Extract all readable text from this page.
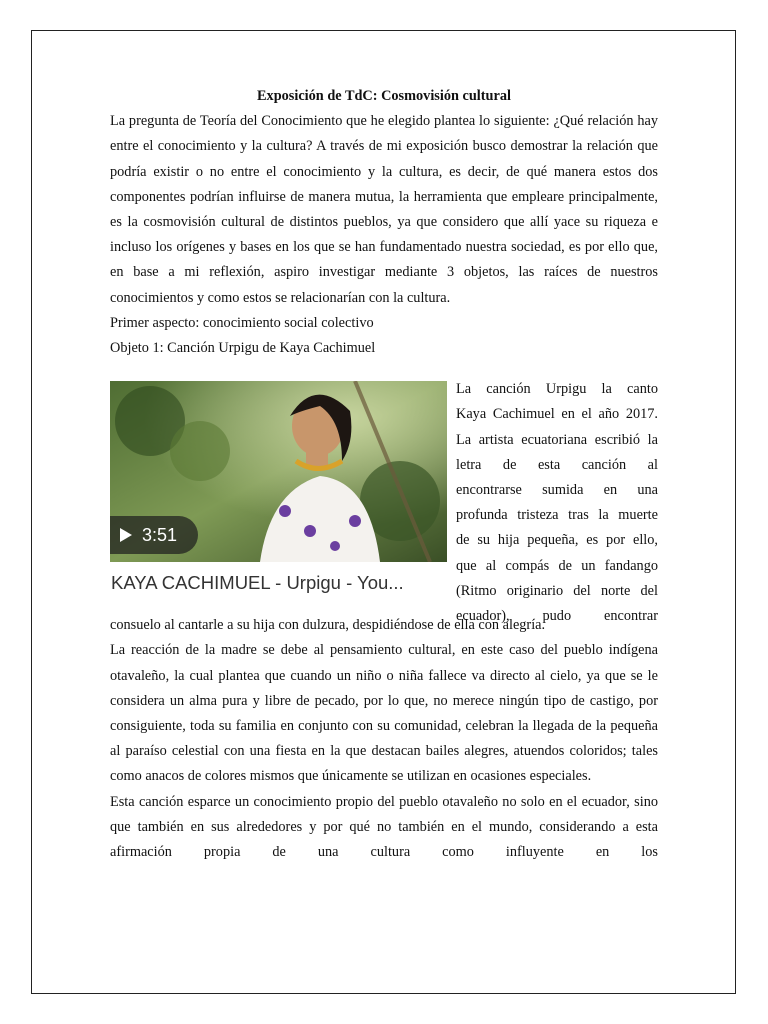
Exposición de TdC: Cosmovisión cultural

La pregunta de Teoría del Conocimiento que he elegido plantea lo siguiente: ¿Qué relación hay entre el conocimiento y la cultura? A través de mi exposición busco demostrar la relación que podría existir o no entre el conocimiento y la cultura, es decir, de qué manera estos dos componentes podrían influirse de manera mutua, la herramienta que empleare principalmente, es la cosmovisión cultural de distintos pueblos, ya que considero que allí yace su riqueza e incluso los orígenes y bases en los que se han fundamentado nuestra sociedad, es por ello que, en base a mi reflexión, aspiro investigar mediante 3 objetos, las raíces de nuestros conocimientos y como estos se relacionarían con la cultura.

Primer aspecto: conocimiento social colectivo

Objeto 1: Canción Urpigu de Kaya Cachimuel

3:51
KAYA CACHIMUEL - Urpigu - You...

La canción Urpigu la canto

Kaya Cachimuel en el año 2017.

La artista ecuatoriana escribió la

letra de esta canción al

encontrarse sumida en una

profunda tristeza tras la muerte

de su hija pequeña, es por ello,

que al compás de un fandango

(Ritmo originario del norte del

ecuador), pudo encontrar

consuelo al cantarle a su hija con dulzura, despidiéndose de ella con alegría.

La reacción de la madre se debe al pensamiento cultural, en este caso del pueblo indígena otavaleño, la cual plantea que cuando un niño o niña fallece va directo al cielo, ya que se le considera un alma pura y libre de pecado, por lo que, no merece ningún tipo de castigo, por consiguiente, toda su familia en conjunto con su comunidad, celebran la llegada de la pequeña al paraíso celestial con una fiesta en la que destacan bailes alegres, atuendos coloridos; tales como anacos de colores mismos que únicamente se utilizan en ocasiones especiales.

Esta canción esparce un conocimiento propio del pueblo otavaleño no solo en el ecuador, sino que también en sus alrededores y por qué no también en el mundo, considerando a esta afirmación propia de una cultura como influyente en los
